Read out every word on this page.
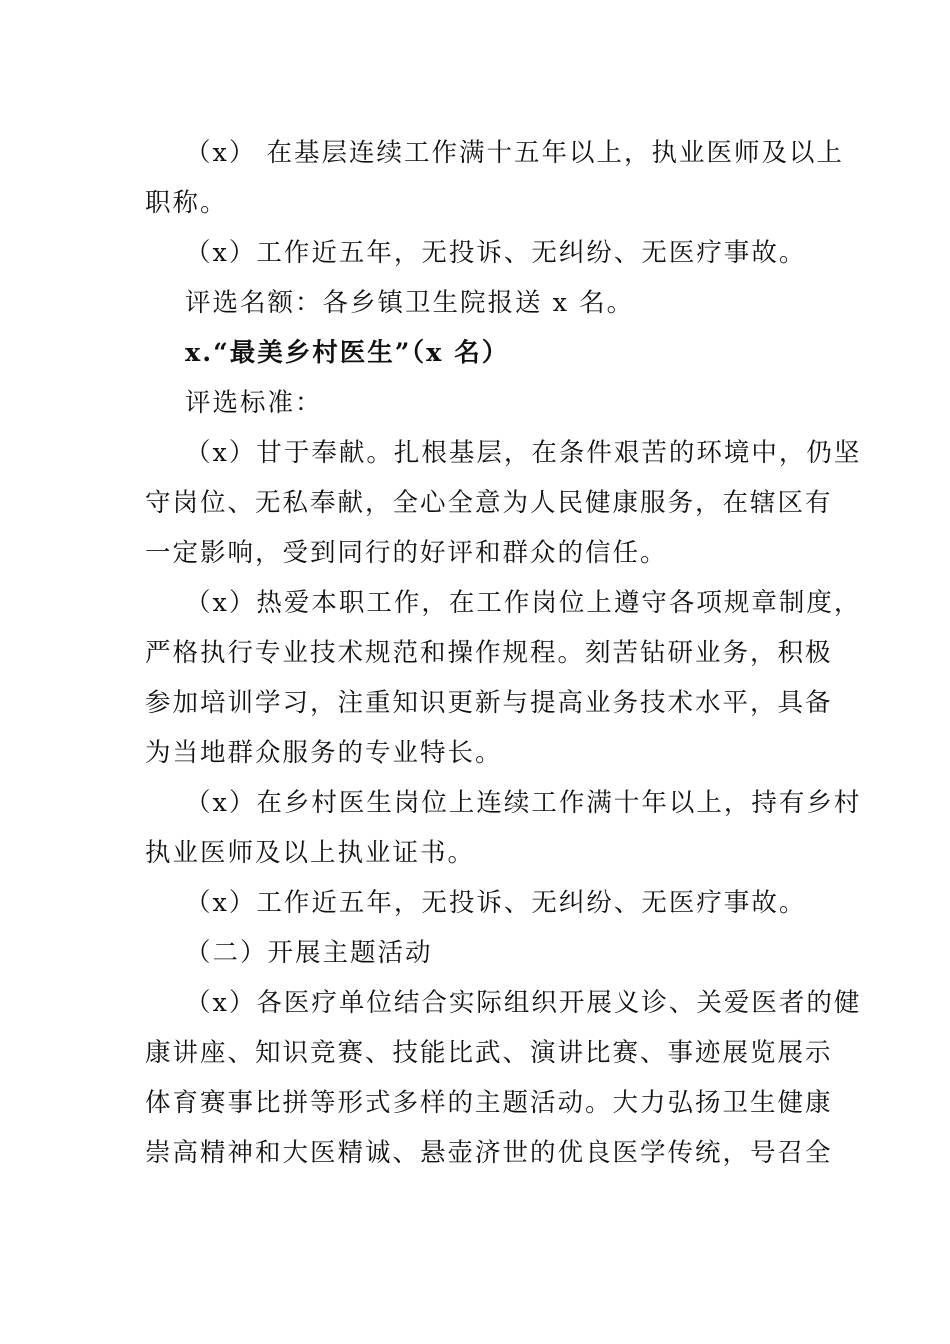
（x） 在基层连续工作满十五年以上，执业医师及以上
职称。
（x）工作近五年，无投诉、无纠纷、无医疗事故。
评选名额：各乡镇卫生院报送 x 名。
x.“最美乡村医生”（x 名）
评选标准：
（x）甘于奉献。扎根基层，在条件艰苦的环境中，仍坚
守岗位、无私奉献，全心全意为人民健康服务，在辖区有
一定影响，受到同行的好评和群众的信任。
（x）热爱本职工作，在工作岗位上遵守各项规章制度，
严格执行专业技术规范和操作规程。刻苦钻研业务，积极
参加培训学习，注重知识更新与提高业务技术水平，具备
为当地群众服务的专业特长。
（x）在乡村医生岗位上连续工作满十年以上，持有乡村
执业医师及以上执业证书。
（x）工作近五年，无投诉、无纠纷、无医疗事故。
（二）开展主题活动
（x）各医疗单位结合实际组织开展义诊、关爱医者的健
康讲座、知识竞赛、技能比武、演讲比赛、事迹展览展示
体育赛事比拼等形式多样的主题活动。大力弘扬卫生健康
崇高精神和大医精诚、悬壶济世的优良医学传统，号召全
